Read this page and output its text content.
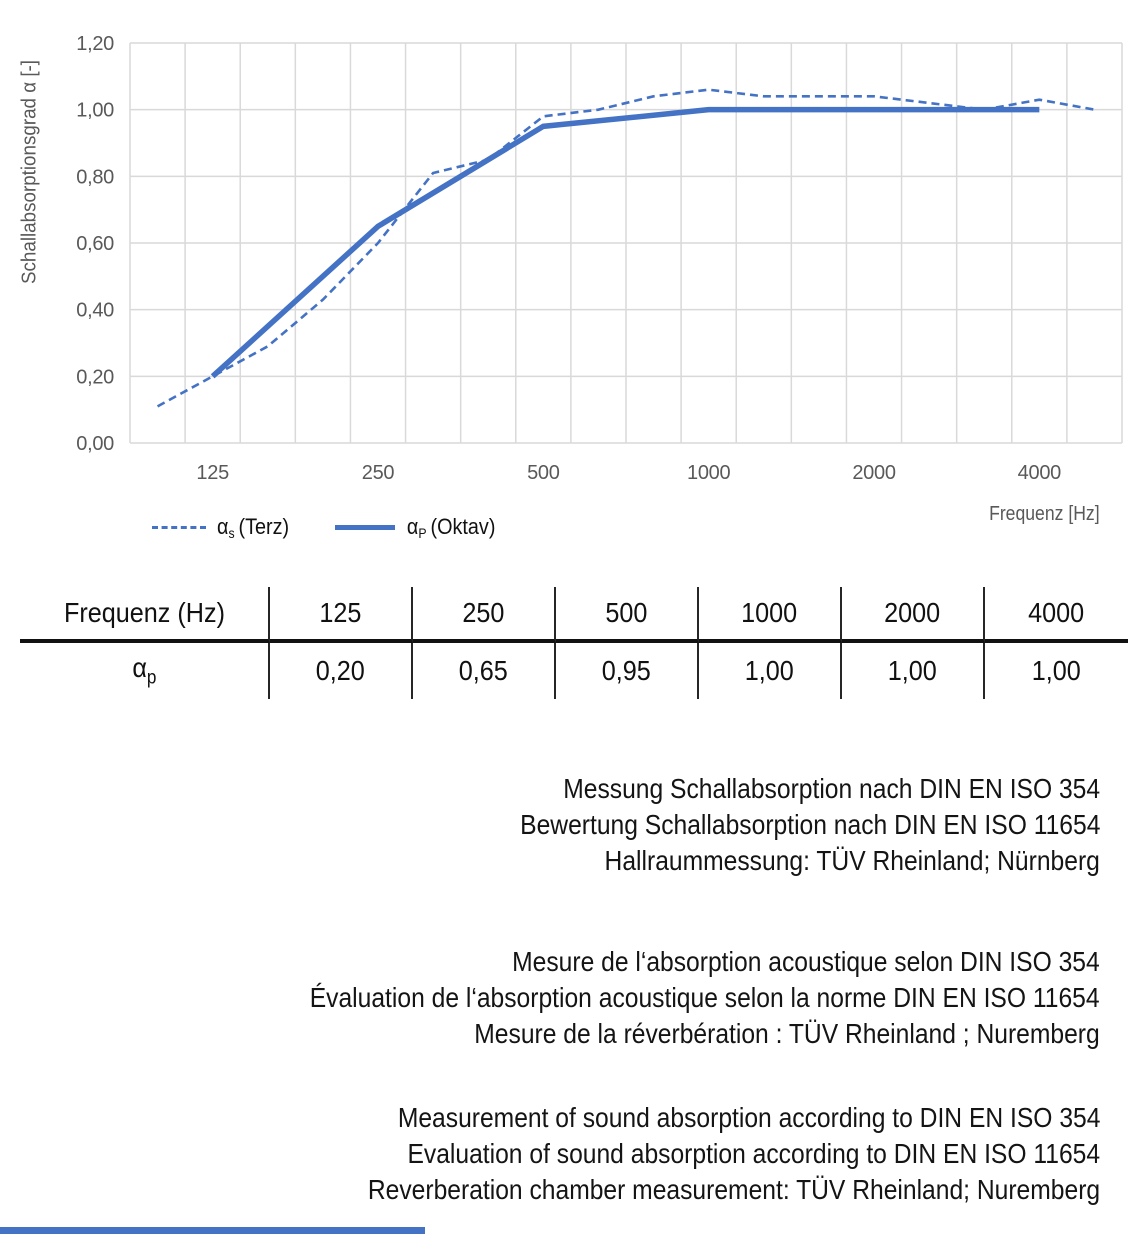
0,00
0,20
0,40
0,60
0,80
1,00
1,20
125	250	500	1000	2000	4000
Schallabsorptionsgrad α [-]
Frequenz [Hz]
$\alpha_s$  (Terz)	$\alpha_P$  (Oktav)
Frequenz (Hz)	125	250	500	1000	2000	4000
$\alpha_p$	0,20	0,65	0,95	1,00	1,00	1,00
Messung Schallabsorption nach DIN EN ISO 354
Bewertung Schallabsorption nach DIN EN ISO 11654
Hallraummessung: TÜV Rheinland; Nürnberg
Mesure de l‘absorption acoustique selon DIN ISO 354
Évaluation de l‘absorption acoustique selon la norme DIN EN ISO 11654
Mesure de la réverbération : TÜV Rheinland ; Nuremberg
Measurement of sound absorption according to DIN EN ISO 354
Evaluation of sound absorption according to DIN EN ISO 11654
Reverberation chamber measurement: TÜV Rheinland; Nuremberg
